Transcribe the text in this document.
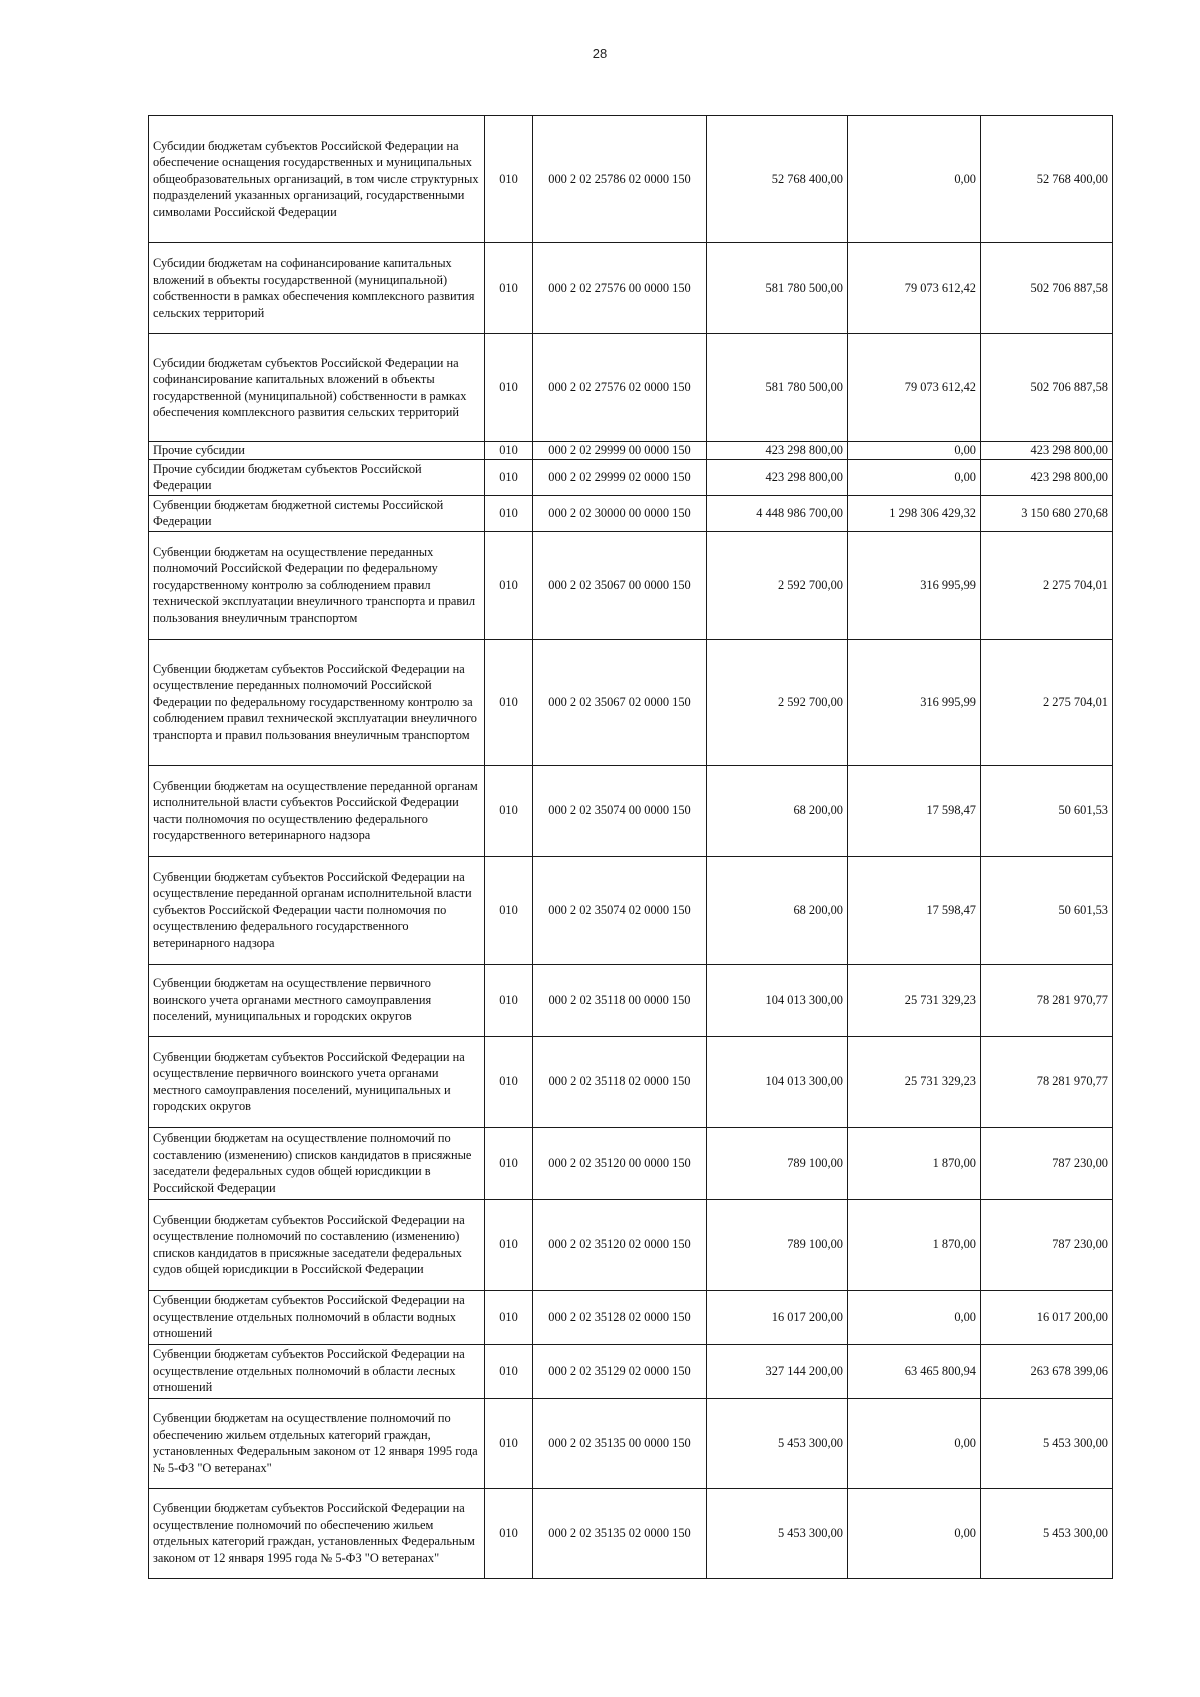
28
Субсидии бюджетам субъектов Российской Федерации на обеспечение оснащения государственных и муниципальных общеобразовательных организаций, в том числе структурных подразделений указанных организаций, государственными символами Российской Федерации	010	000 2 02 25786 02 0000 150	52 768 400,00	0,00	52 768 400,00
Субсидии бюджетам на софинансирование капитальных вложений в объекты государственной (муниципальной) собственности в рамках обеспечения комплексного развития сельских территорий	010	000 2 02 27576 00 0000 150	581 780 500,00	79 073 612,42	502 706 887,58
Субсидии бюджетам субъектов Российской Федерации на софинансирование капитальных вложений в объекты государственной (муниципальной) собственности в рамках обеспечения комплексного развития сельских территорий	010	000 2 02 27576 02 0000 150	581 780 500,00	79 073 612,42	502 706 887,58
Прочие субсидии	010	000 2 02 29999 00 0000 150	423 298 800,00	0,00	423 298 800,00
Прочие субсидии бюджетам субъектов Российской Федерации	010	000 2 02 29999 02 0000 150	423 298 800,00	0,00	423 298 800,00
Субвенции бюджетам бюджетной системы Российской Федерации	010	000 2 02 30000 00 0000 150	4 448 986 700,00	1 298 306 429,32	3 150 680 270,68
Субвенции бюджетам на осуществление переданных полномочий Российской Федерации по федеральному государственному контролю за соблюдением правил технической эксплуатации внеуличного транспорта и правил пользования внеуличным транспортом	010	000 2 02 35067 00 0000 150	2 592 700,00	316 995,99	2 275 704,01
Субвенции бюджетам субъектов Российской Федерации на осуществление переданных полномочий Российской Федерации по федеральному государственному контролю за соблюдением правил технической эксплуатации внеуличного транспорта и правил пользования внеуличным транспортом	010	000 2 02 35067 02 0000 150	2 592 700,00	316 995,99	2 275 704,01
Субвенции бюджетам на осуществление переданной органам исполнительной власти субъектов Российской Федерации части полномочия по осуществлению федерального государственного ветеринарного надзора	010	000 2 02 35074 00 0000 150	68 200,00	17 598,47	50 601,53
Субвенции бюджетам субъектов Российской Федерации на осуществление переданной органам исполнительной власти субъектов Российской Федерации части полномочия по осуществлению федерального государственного ветеринарного надзора	010	000 2 02 35074 02 0000 150	68 200,00	17 598,47	50 601,53
Субвенции бюджетам на осуществление первичного воинского учета органами местного самоуправления поселений, муниципальных и городских округов	010	000 2 02 35118 00 0000 150	104 013 300,00	25 731 329,23	78 281 970,77
Субвенции бюджетам субъектов Российской Федерации на осуществление первичного воинского учета органами местного самоуправления поселений, муниципальных и городских округов	010	000 2 02 35118 02 0000 150	104 013 300,00	25 731 329,23	78 281 970,77
Субвенции бюджетам на осуществление полномочий по составлению (изменению) списков кандидатов в присяжные заседатели федеральных судов общей юрисдикции в Российской Федерации	010	000 2 02 35120 00 0000 150	789 100,00	1 870,00	787 230,00
Субвенции бюджетам субъектов Российской Федерации на осуществление полномочий по составлению (изменению) списков кандидатов в присяжные заседатели федеральных судов общей юрисдикции в Российской Федерации	010	000 2 02 35120 02 0000 150	789 100,00	1 870,00	787 230,00
Субвенции бюджетам субъектов Российской Федерации на осуществление отдельных полномочий в области водных отношений	010	000 2 02 35128 02 0000 150	16 017 200,00	0,00	16 017 200,00
Субвенции бюджетам субъектов Российской Федерации на осуществление отдельных полномочий в области лесных отношений	010	000 2 02 35129 02 0000 150	327 144 200,00	63 465 800,94	263 678 399,06
Субвенции бюджетам на осуществление полномочий по обеспечению жильем отдельных категорий граждан, установленных Федеральным законом от 12 января 1995 года № 5-ФЗ "О ветеранах"	010	000 2 02 35135 00 0000 150	5 453 300,00	0,00	5 453 300,00
Субвенции бюджетам субъектов Российской Федерации на осуществление полномочий по обеспечению жильем отдельных категорий граждан, установленных Федеральным законом от 12 января 1995 года № 5-ФЗ "О ветеранах"	010	000 2 02 35135 02 0000 150	5 453 300,00	0,00	5 453 300,00
